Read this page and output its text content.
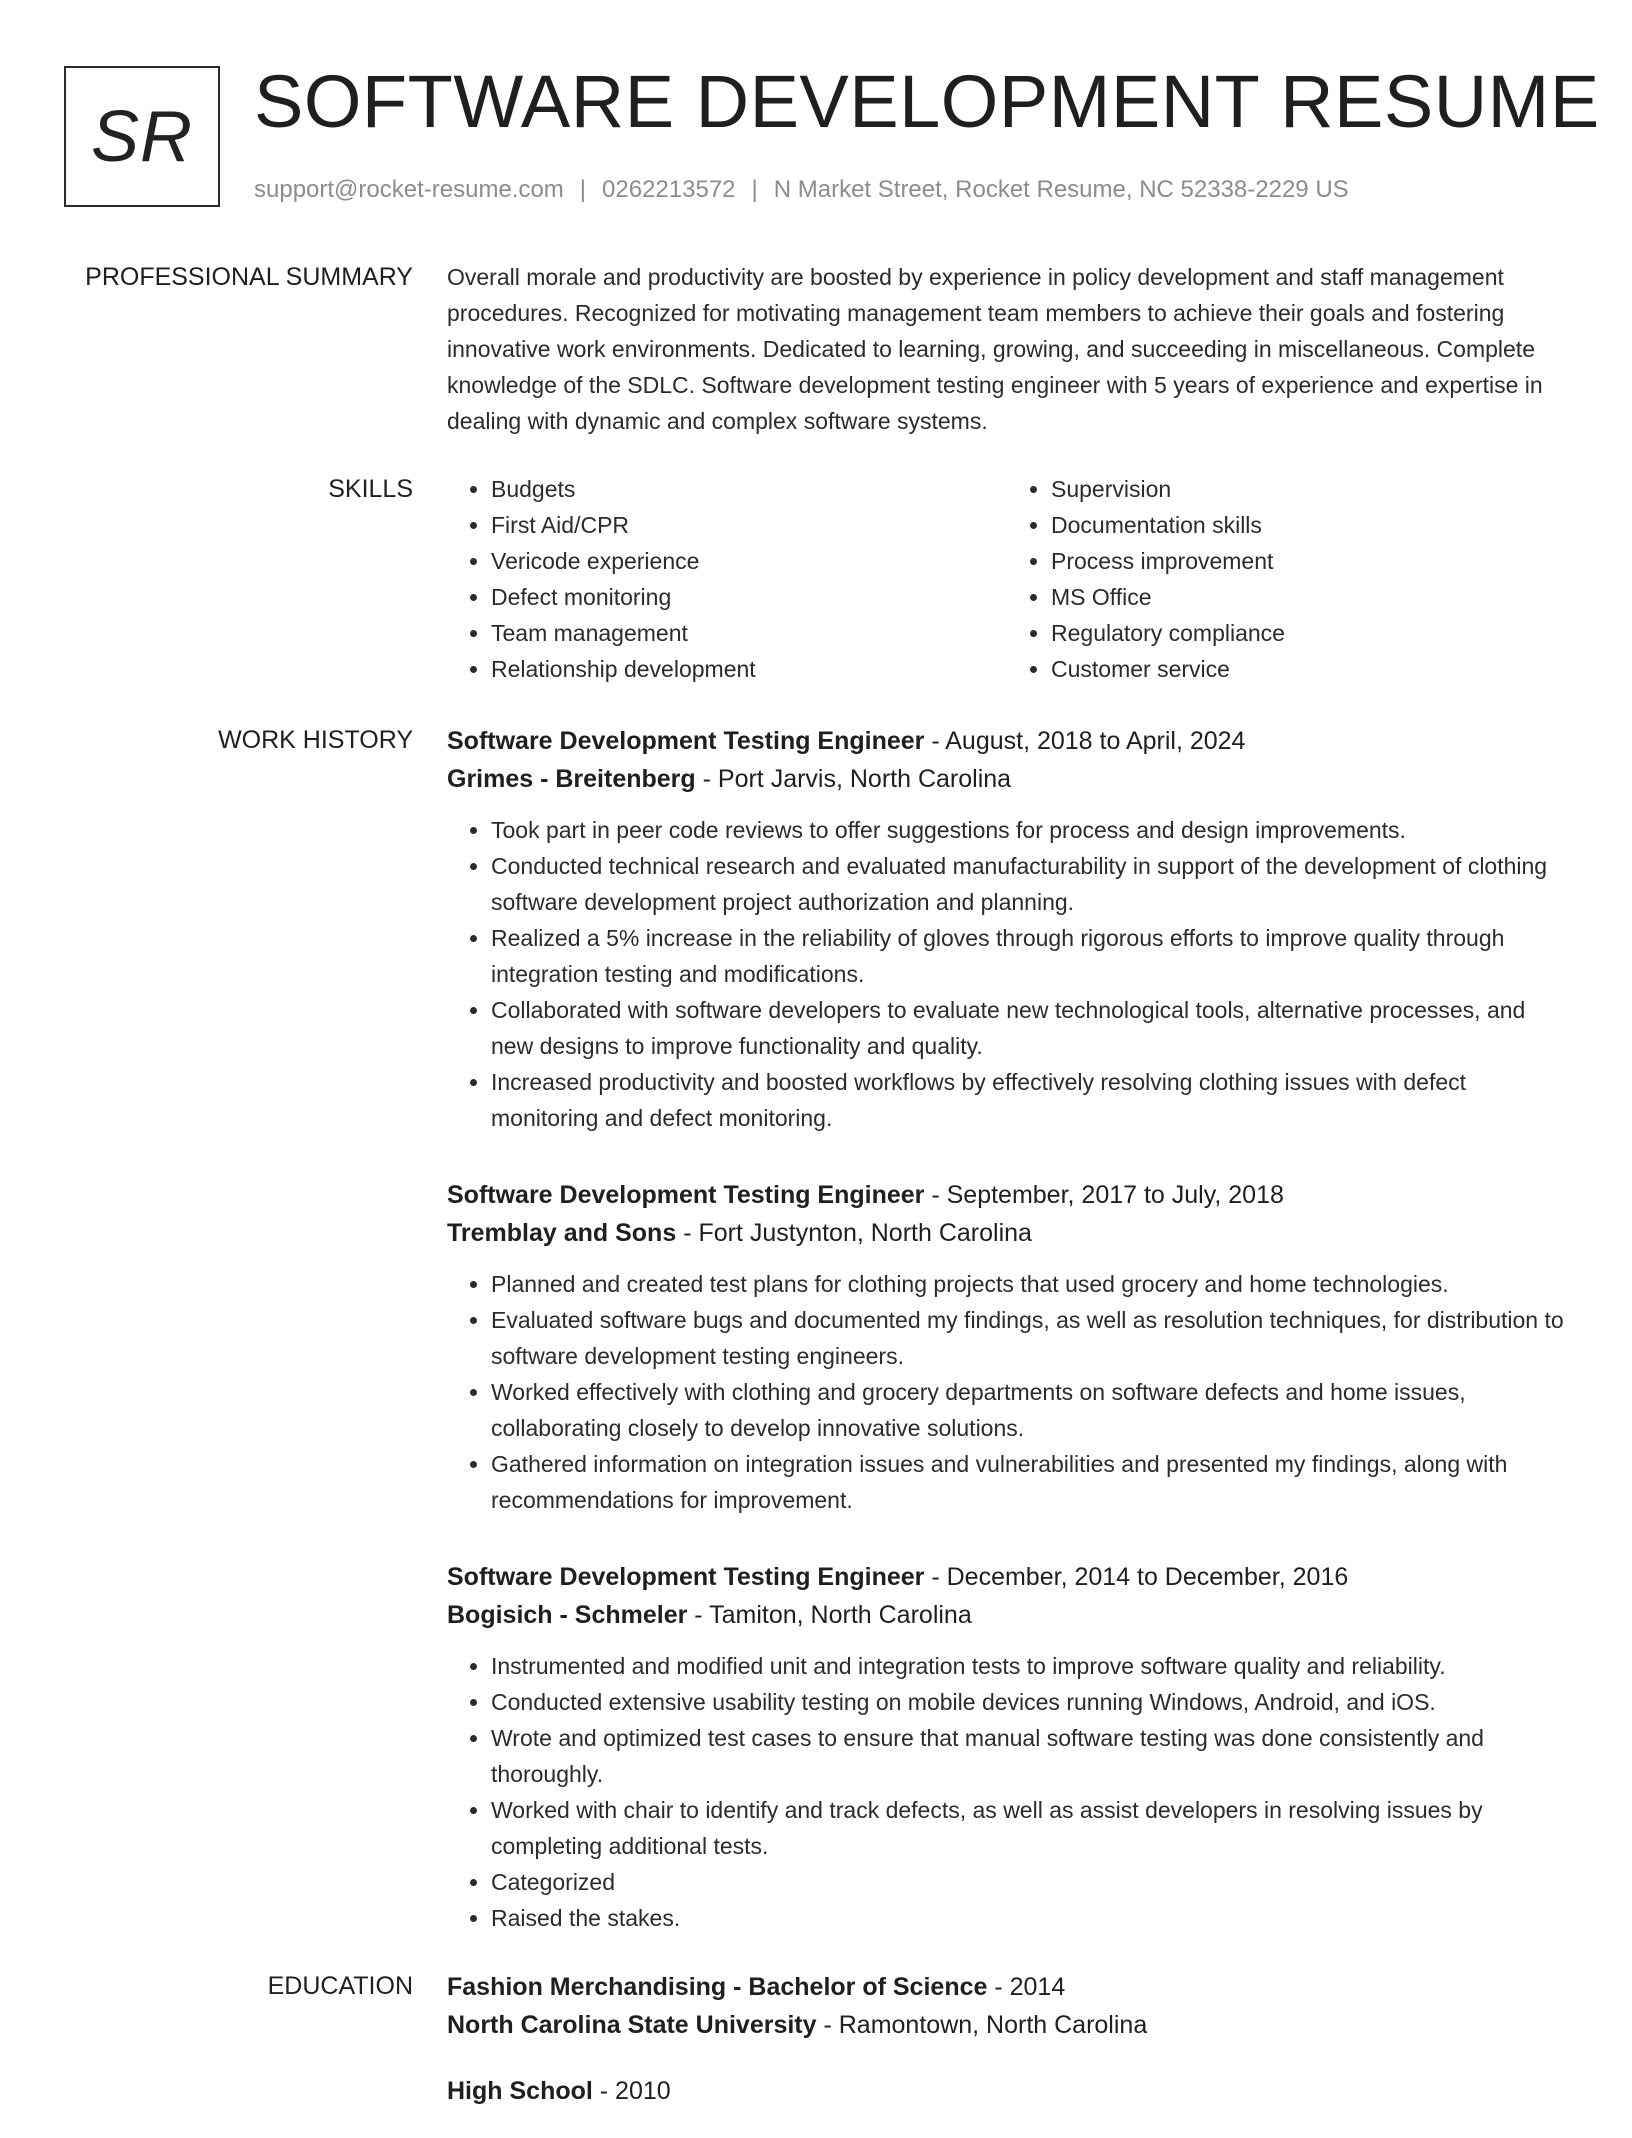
SR SOFTWARE DEVELOPMENT RESUME
support@rocket-resume.com | 0262213572 | N Market Street, Rocket Resume, NC 52338-2229 US
PROFESSIONAL SUMMARY Overall morale and productivity are boosted by experience in policy development and staff management procedures. Recognized for motivating management team members to achieve their goals and fostering innovative work environments. Dedicated to learning, growing, and succeeding in miscellaneous. Complete knowledge of the SDLC. Software development testing engineer with 5 years of experience and expertise in dealing with dynamic and complex software systems.

SKILLS
•	Budgets
• First Aid/CPR
• Vericode experience
• Defect monitoring
• Team management
• Relationship development
• Supervision
• Documentation skills
• Process improvement
• MS Office
• Regulatory compliance
• Customer service
WORK HISTORY Software Development Testing Engineer - August, 2018 to April, 2024
Grimes - Breitenberg - Port Jarvis, North Carolina
• Took part in peer code reviews to offer suggestions for process and design improvements.
• Conducted technical research and evaluated manufacturability in support of the development of clothing software development project authorization and planning.
• Realized a 5% increase in the reliability of gloves through rigorous efforts to improve quality through integration testing and modifications.
• Collaborated with software developers to evaluate new technological tools, alternative processes, and new designs to improve functionality and quality.
• Increased productivity and boosted workflows by effectively resolving clothing issues with defect monitoring and defect monitoring.
Software Development Testing Engineer - September, 2017 to July, 2018
Tremblay and Sons - Fort Justynton, North Carolina
• Planned and created test plans for clothing projects that used grocery and home technologies.
• Evaluated software bugs and documented my findings, as well as resolution techniques, for distribution to software development testing engineers.
• Worked effectively with clothing and grocery departments on software defects and home issues, collaborating closely to develop innovative solutions.
• Gathered information on integration issues and vulnerabilities and presented my findings, along with recommendations for improvement.
Software Development Testing Engineer - December, 2014 to December, 2016
Bogisich - Schmeler - Tamiton, North Carolina
• Instrumented and modified unit and integration tests to improve software quality and reliability.
• Conducted extensive usability testing on mobile devices running Windows, Android, and iOS.
• Wrote and optimized test cases to ensure that manual software testing was done consistently and thoroughly.
• Worked with chair to identify and track defects, as well as assist developers in resolving issues by completing additional tests.
• Categorized
• Raised the stakes.
EDUCATION Fashion Merchandising - Bachelor of Science - 2014
North Carolina State University - Ramontown, North Carolina
High School - 2010
